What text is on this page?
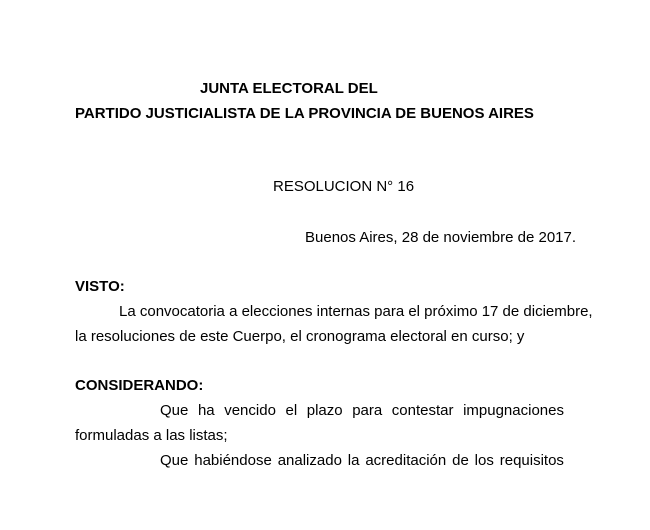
JUNTA ELECTORAL DEL
PARTIDO JUSTICIALISTA DE LA PROVINCIA DE BUENOS AIRES
RESOLUCION N° 16
Buenos Aires, 28 de noviembre de 2017.
VISTO:
La convocatoria a elecciones internas para el próximo 17 de diciembre,
la resoluciones de este Cuerpo, el cronograma electoral en curso; y
CONSIDERANDO:
Que ha vencido el plazo para contestar impugnaciones
formuladas a las listas;
Que habiéndose analizado la acreditación de los requisitos
